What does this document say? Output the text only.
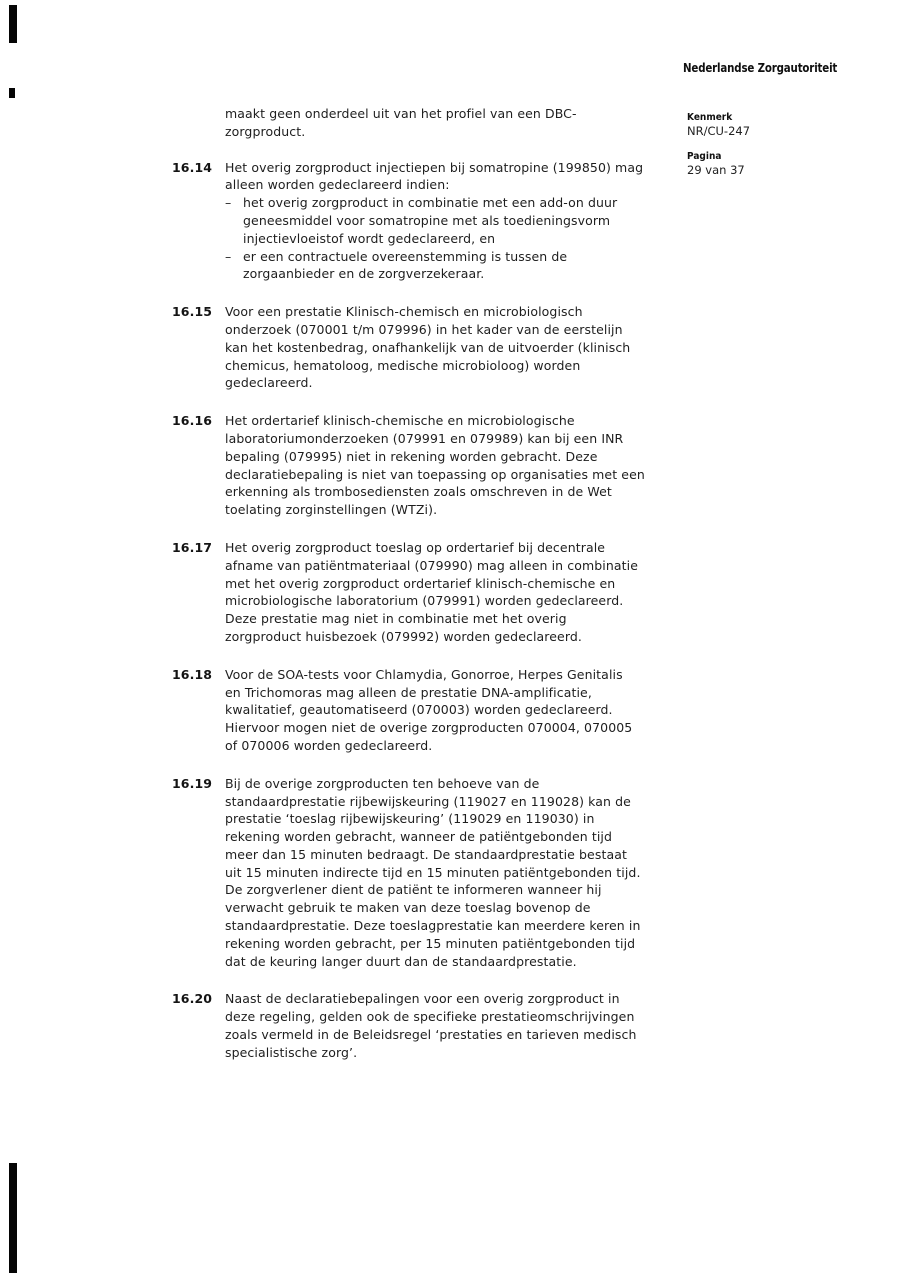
Nederlandse Zorgautoriteit
Kenmerk
NR/CU-247
Pagina
29 van 37
maakt geen onderdeel uit van het profiel van een DBC-
zorgproduct.
16.14	Het overig zorgproduct injectiepen bij somatropine (199850) mag
alleen worden gedeclareerd indien:
– het overig zorgproduct in combinatie met een add-on duur
geneesmiddel voor somatropine met als toedieningsvorm
injectievloeistof wordt gedeclareerd, en
– er een contractuele overeenstemming is tussen de
zorgaanbieder en de zorgverzekeraar.
16.15	Voor een prestatie Klinisch-chemisch en microbiologisch
onderzoek (070001 t/m 079996) in het kader van de eerstelijn
kan het kostenbedrag, onafhankelijk van de uitvoerder (klinisch
chemicus, hematoloog, medische microbioloog) worden
gedeclareerd.
16.16	Het ordertarief klinisch-chemische en microbiologische
laboratoriumonderzoeken (079991 en 079989) kan bij een INR
bepaling (079995) niet in rekening worden gebracht. Deze
declaratiebepaling is niet van toepassing op organisaties met een
erkenning als trombosediensten zoals omschreven in de Wet
toelating zorginstellingen (WTZi).
16.17	Het overig zorgproduct toeslag op ordertarief bij decentrale
afname van patiëntmateriaal (079990) mag alleen in combinatie
met het overig zorgproduct ordertarief klinisch-chemische en
microbiologische laboratorium (079991) worden gedeclareerd.
Deze prestatie mag niet in combinatie met het overig
zorgproduct huisbezoek (079992) worden gedeclareerd.
16.18	Voor de SOA-tests voor Chlamydia, Gonorroe, Herpes Genitalis
en Trichomoras mag alleen de prestatie DNA-amplificatie,
kwalitatief, geautomatiseerd (070003) worden gedeclareerd.
Hiervoor mogen niet de overige zorgproducten 070004, 070005
of 070006 worden gedeclareerd.
16.19	Bij de overige zorgproducten ten behoeve van de
standaardprestatie rijbewijskeuring (119027 en 119028) kan de
prestatie ‘toeslag rijbewijskeuring’ (119029 en 119030) in
rekening worden gebracht, wanneer de patiëntgebonden tijd
meer dan 15 minuten bedraagt. De standaardprestatie bestaat
uit 15 minuten indirecte tijd en 15 minuten patiëntgebonden tijd.
De zorgverlener dient de patiënt te informeren wanneer hij
verwacht gebruik te maken van deze toeslag bovenop de
standaardprestatie. Deze toeslagprestatie kan meerdere keren in
rekening worden gebracht, per 15 minuten patiëntgebonden tijd
dat de keuring langer duurt dan de standaardprestatie.
16.20	Naast de declaratiebepalingen voor een overig zorgproduct in
deze regeling, gelden ook de specifieke prestatieomschrijvingen
zoals vermeld in de Beleidsregel ‘prestaties en tarieven medisch
specialistische zorg’.
